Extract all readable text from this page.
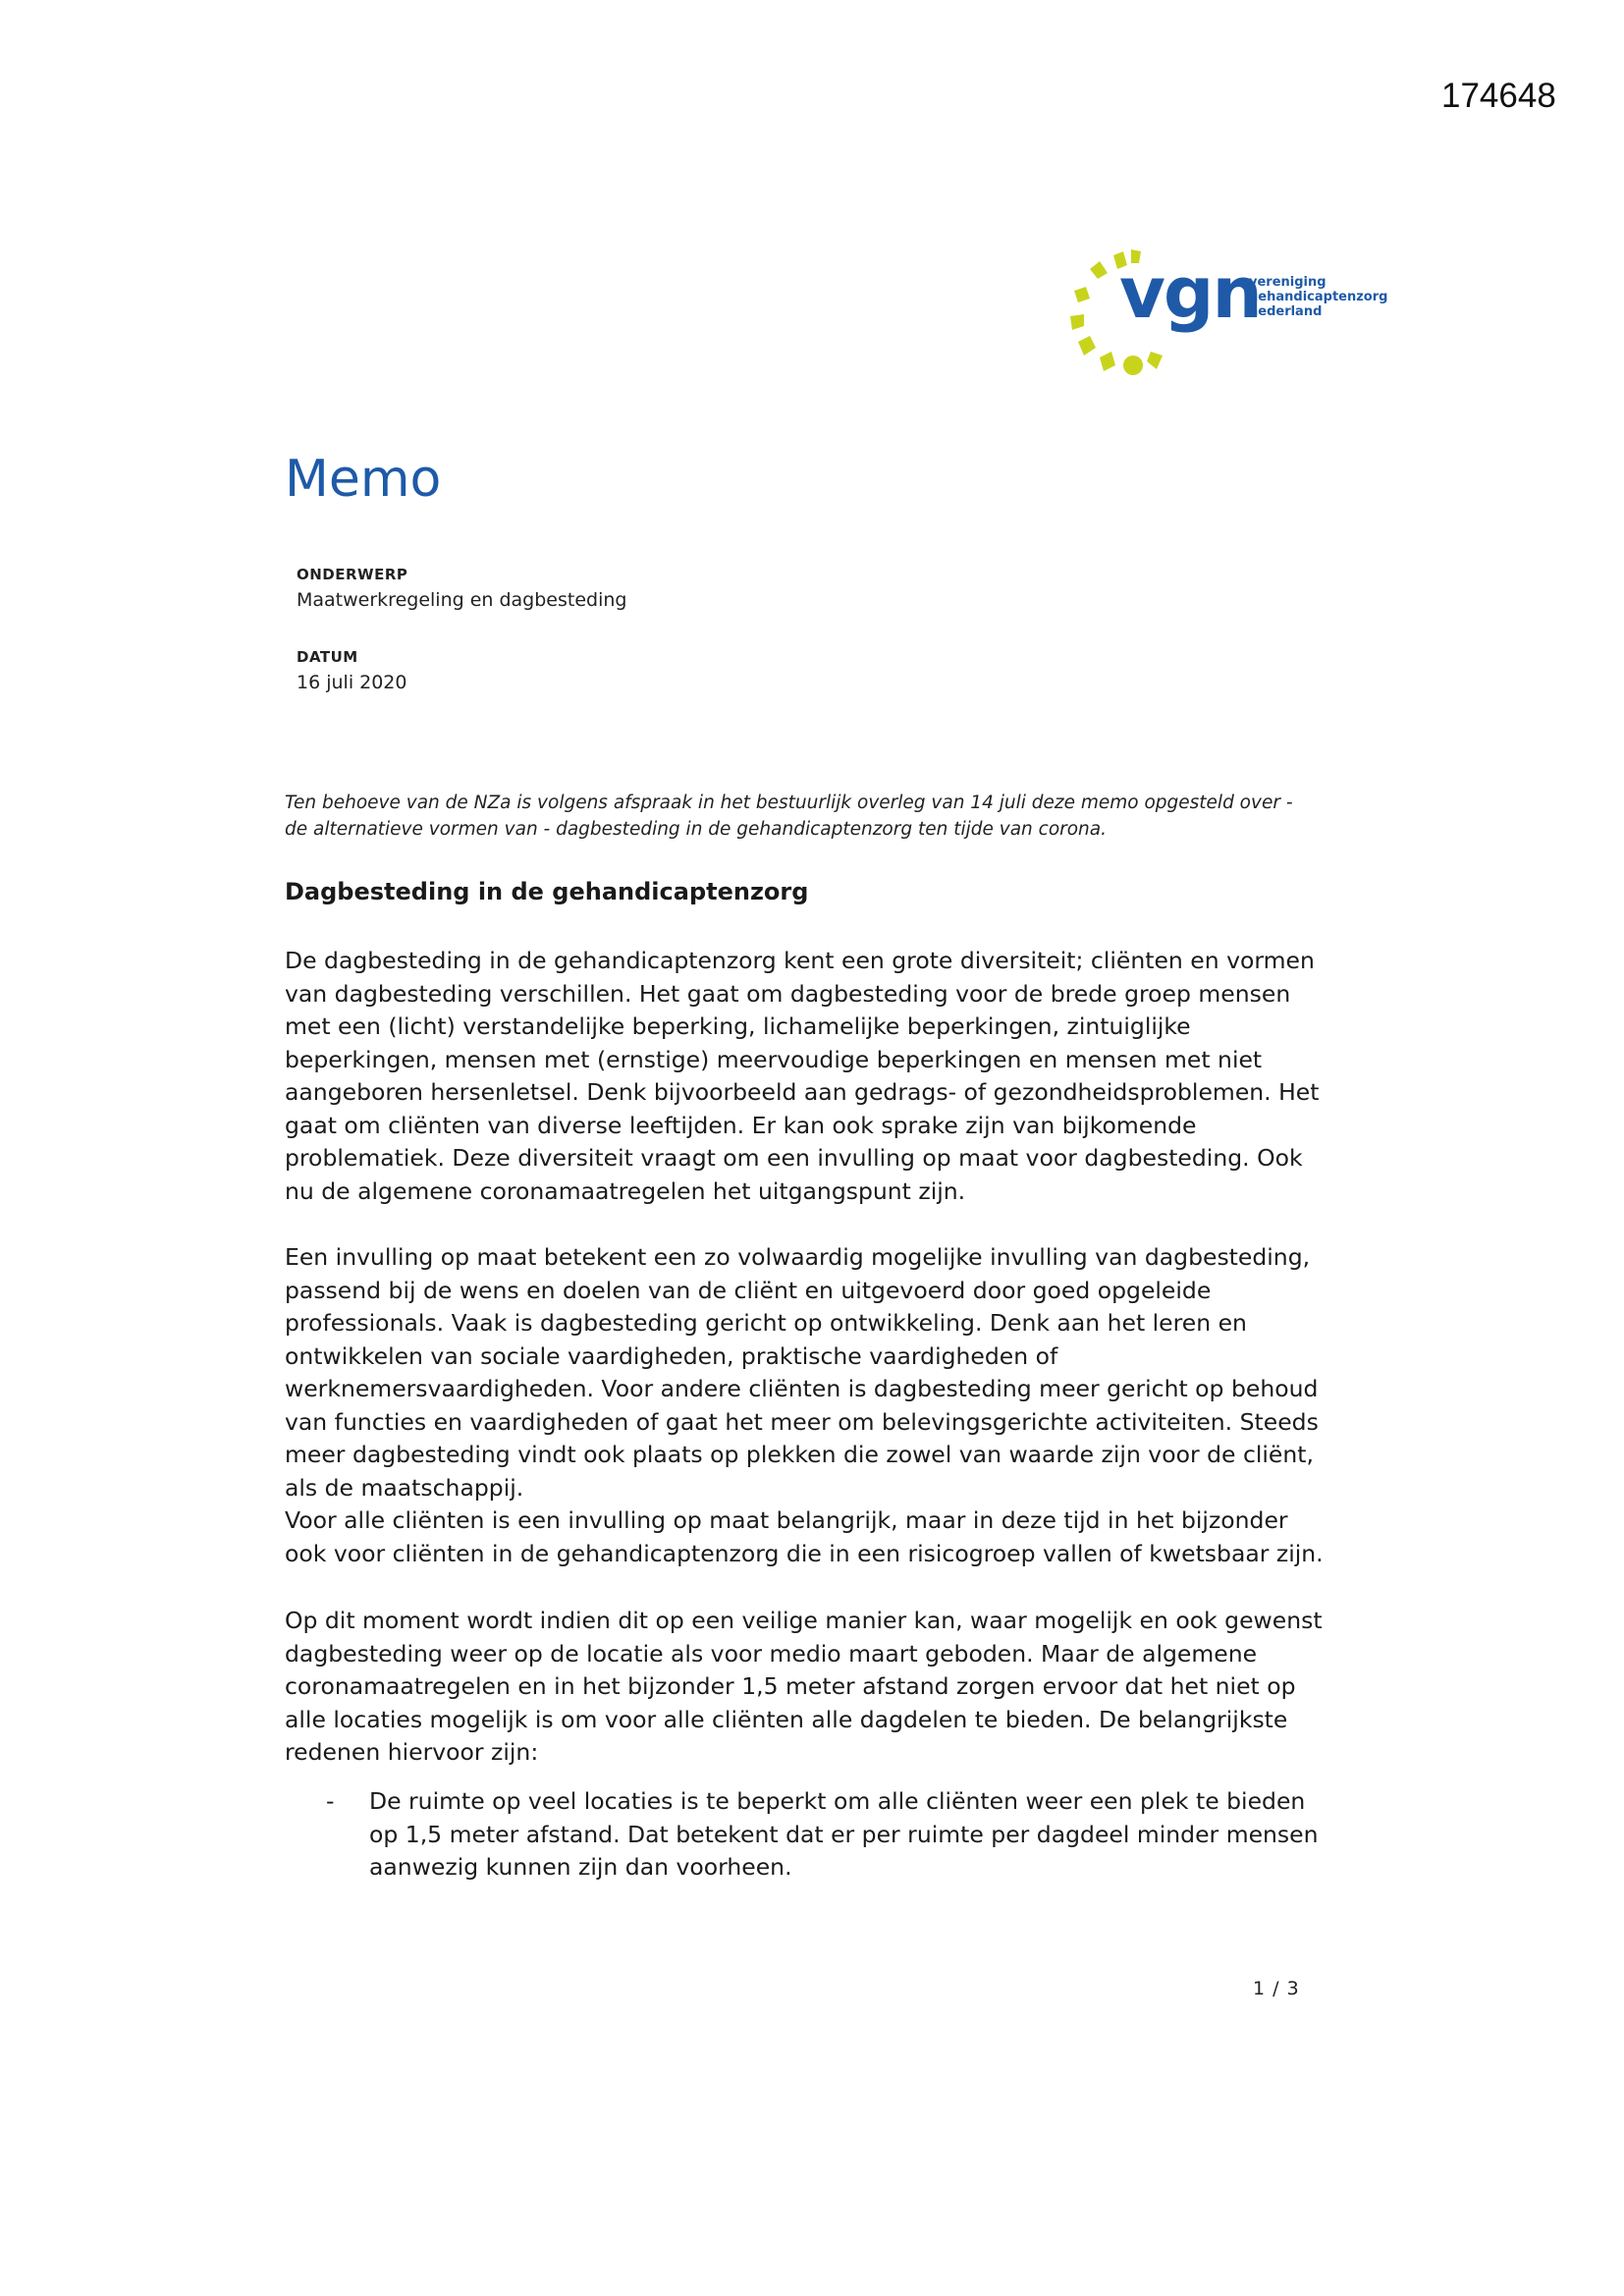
174648
vgn
vereniging
gehandicaptenzorg
nederland
Memo
ONDERWERP
Maatwerkregeling en dagbesteding
DATUM
16 juli 2020

Ten behoeve van de NZa is volgens afspraak in het bestuurlijk overleg van 14 juli deze memo opgesteld over -
de alternatieve vormen van - dagbesteding in de gehandicaptenzorg ten tijde van corona.

Dagbesteding in de gehandicaptenzorg

De dagbesteding in de gehandicaptenzorg kent een grote diversiteit; cliënten en vormen
van dagbesteding verschillen. Het gaat om dagbesteding voor de brede groep mensen
met een (licht) verstandelijke beperking, lichamelijke beperkingen, zintuiglijke
beperkingen, mensen met (ernstige) meervoudige beperkingen en mensen met niet
aangeboren hersenletsel. Denk bijvoorbeeld aan gedrags- of gezondheidsproblemen. Het
gaat om cliënten van diverse leeftijden. Er kan ook sprake zijn van bijkomende
problematiek. Deze diversiteit vraagt om een invulling op maat voor dagbesteding. Ook
nu de algemene coronamaatregelen het uitgangspunt zijn.

Een invulling op maat betekent een zo volwaardig mogelijke invulling van dagbesteding,
passend bij de wens en doelen van de cliënt en uitgevoerd door goed opgeleide
professionals. Vaak is dagbesteding gericht op ontwikkeling. Denk aan het leren en
ontwikkelen van sociale vaardigheden, praktische vaardigheden of
werknemersvaardigheden. Voor andere cliënten is dagbesteding meer gericht op behoud
van functies en vaardigheden of gaat het meer om belevingsgerichte activiteiten. Steeds
meer dagbesteding vindt ook plaats op plekken die zowel van waarde zijn voor de cliënt,
als de maatschappij.
Voor alle cliënten is een invulling op maat belangrijk, maar in deze tijd in het bijzonder
ook voor cliënten in de gehandicaptenzorg die in een risicogroep vallen of kwetsbaar zijn.

Op dit moment wordt indien dit op een veilige manier kan, waar mogelijk en ook gewenst
dagbesteding weer op de locatie als voor medio maart geboden. Maar de algemene
coronamaatregelen en in het bijzonder 1,5 meter afstand zorgen ervoor dat het niet op
alle locaties mogelijk is om voor alle cliënten alle dagdelen te bieden. De belangrijkste
redenen hiervoor zijn:

- De ruimte op veel locaties is te beperkt om alle cliënten weer een plek te bieden
op 1,5 meter afstand. Dat betekent dat er per ruimte per dagdeel minder mensen
aanwezig kunnen zijn dan voorheen.
1 / 3
